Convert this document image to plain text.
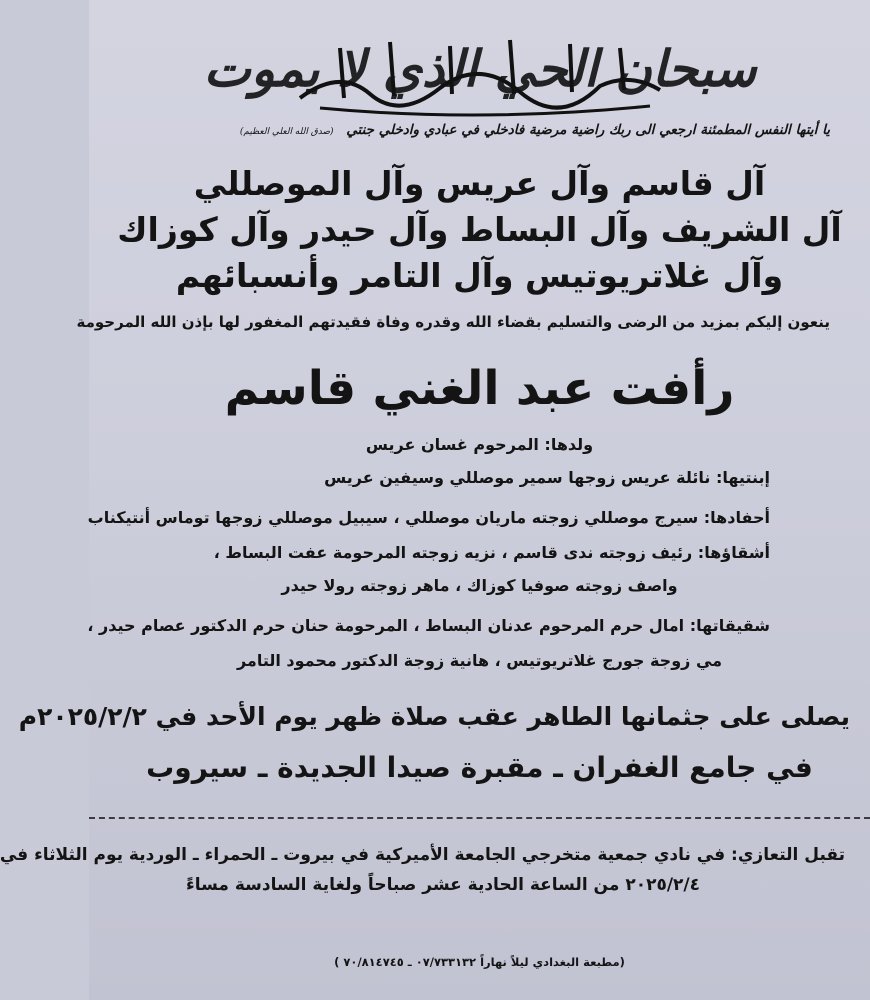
سبحان الحي الذي لا يموت
يا أيتها النفس المطمئنة ارجعي الى ربك راضية مرضية فادخلي في عبادي وادخلي جنتي (صدق الله العلي العظيم)
آل قاسم وآل عريس وآل الموصللي
آل الشريف وآل البساط وآل حيدر وآل كوزاك
وآل غلاتريوتيس وآل التامر وأنسبائهم
ينعون إليكم بمزيد من الرضى والتسليم بقضاء الله وقدره وفاة فقيدتهم المغفور لها بإذن الله المرحومة
رأفت عبد الغني قاسم
ولدها: المرحوم غسان عريس
إبنتيها: نائلة عريس زوجها سمير موصللي وسيفين عريس
أحفادها: سيرج موصللي زوجته ماريان موصللي ، سيبيل موصللي زوجها توماس أنتيكناب
أشقاؤها: رئيف زوجته ندى قاسم ، نزيه زوجته المرحومة عفت البساط ،
واصف زوجته صوفيا كوزاك ، ماهر زوجته رولا حيدر
شقيقاتها: امال حرم المرحوم عدنان البساط ، المرحومة حنان حرم الدكتور عصام حيدر ،
مي زوجة جورج غلاتريوتيس ، هانية زوجة الدكتور محمود التامر
يصلى على جثمانها الطاهر عقب صلاة ظهر يوم الأحد في ٢٠٢٥/٢/٢م
في جامع الغفران ـ مقبرة صيدا الجديدة ـ سيروب
تقبل التعازي: في نادي جمعية متخرجي الجامعة الأميركية في بيروت ـ الحمراء ـ الوردية يوم الثلاثاء في
٢٠٢٥/٢/٤ من الساعة الحادية عشر صباحاً ولغاية السادسة مساءً
(مطبعة البغدادي ليلاً نهاراً ٠٧/٧٣٣١٣٢ ـ ٧٠/٨١٤٧٤٥ )
